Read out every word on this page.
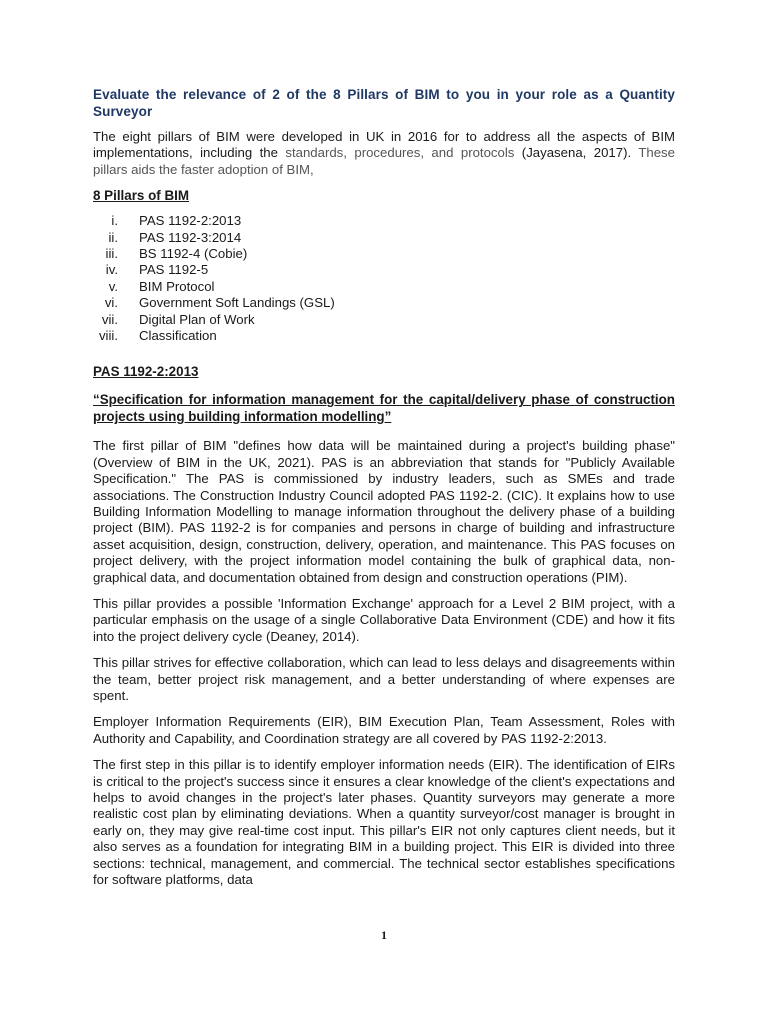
Evaluate the relevance of 2 of the 8 Pillars of BIM to you in your role as a Quantity Surveyor

The eight pillars of BIM were developed in UK in 2016 for to address all the aspects of BIM implementations, including the standards, procedures, and protocols (Jayasena, 2017). These pillars aids the faster adoption of BIM,

8 Pillars of BIM

i. PAS 1192-2:2013
ii. PAS 1192-3:2014
iii. BS 1192-4 (Cobie)
iv. PAS 1192-5
v. BIM Protocol
vi. Government Soft Landings (GSL)
vii. Digital Plan of Work
viii. Classification

PAS 1192-2:2013

“Specification for information management for the capital/delivery phase of construction projects using building information modelling”

The first pillar of BIM "defines how data will be maintained during a project's building phase" (Overview of BIM in the UK, 2021). PAS is an abbreviation that stands for "Publicly Available Specification." The PAS is commissioned by industry leaders, such as SMEs and trade associations. The Construction Industry Council adopted PAS 1192-2. (CIC). It explains how to use Building Information Modelling to manage information throughout the delivery phase of a building project (BIM). PAS 1192-2 is for companies and persons in charge of building and infrastructure asset acquisition, design, construction, delivery, operation, and maintenance. This PAS focuses on project delivery, with the project information model containing the bulk of graphical data, non-graphical data, and documentation obtained from design and construction operations (PIM).

This pillar provides a possible 'Information Exchange' approach for a Level 2 BIM project, with a particular emphasis on the usage of a single Collaborative Data Environment (CDE) and how it fits into the project delivery cycle (Deaney, 2014).

This pillar strives for effective collaboration, which can lead to less delays and disagreements within the team, better project risk management, and a better understanding of where expenses are spent.

Employer Information Requirements (EIR), BIM Execution Plan, Team Assessment, Roles with Authority and Capability, and Coordination strategy are all covered by PAS 1192-2:2013.

The first step in this pillar is to identify employer information needs (EIR). The identification of EIRs is critical to the project's success since it ensures a clear knowledge of the client's expectations and helps to avoid changes in the project's later phases. Quantity surveyors may generate a more realistic cost plan by eliminating deviations. When a quantity surveyor/cost manager is brought in early on, they may give real-time cost input. This pillar's EIR not only captures client needs, but it also serves as a foundation for integrating BIM in a building project. This EIR is divided into three sections: technical, management, and commercial. The technical sector establishes specifications for software platforms, data

1
